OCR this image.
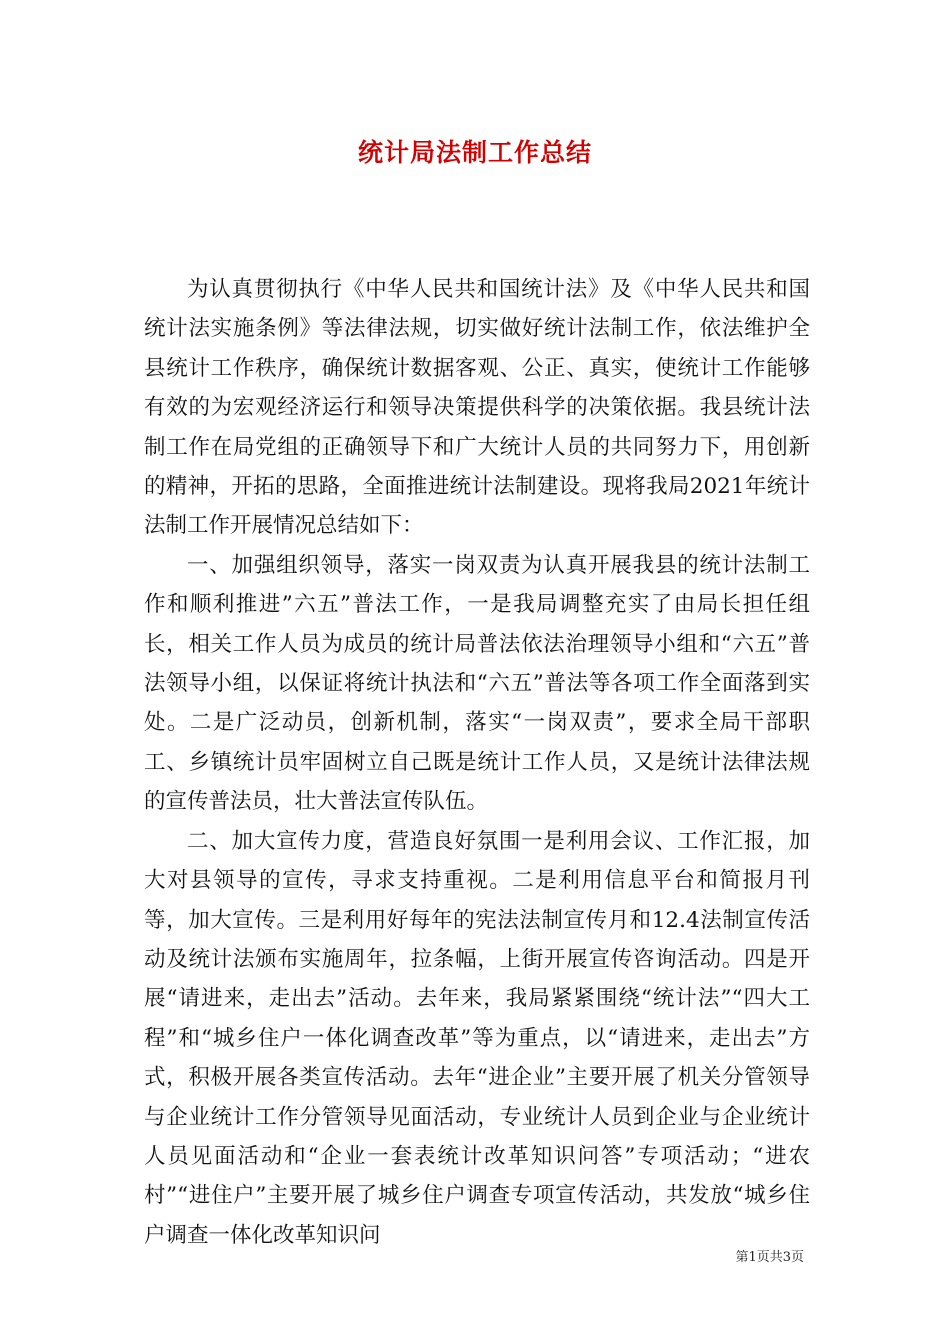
统计局法制工作总结

为认真贯彻执行《中华人民共和国统计法》及《中华人民共和国统计法实施条例》等法律法规，切实做好统计法制工作，依法维护全县统计工作秩序，确保统计数据客观、公正、真实，使统计工作能够有效的为宏观经济运行和领导决策提供科学的决策依据。我县统计法制工作在局党组的正确领导下和广大统计人员的共同努力下，用创新的精神，开拓的思路，全面推进统计法制建设。现将我局2021年统计法制工作开展情况总结如下：

一、加强组织领导，落实一岗双责为认真开展我县的统计法制工作和顺利推进”六五”普法工作，一是我局调整充实了由局长担任组长，相关工作人员为成员的统计局普法依法治理领导小组和“六五”普法领导小组，以保证将统计执法和“六五”普法等各项工作全面落到实处。二是广泛动员，创新机制，落实“一岗双责”，要求全局干部职工、乡镇统计员牢固树立自己既是统计工作人员，又是统计法律法规的宣传普法员，壮大普法宣传队伍。

二、加大宣传力度，营造良好氛围一是利用会议、工作汇报，加大对县领导的宣传，寻求支持重视。二是利用信息平台和简报月刊等，加大宣传。三是利用好每年的宪法法制宣传月和12.4法制宣传活动及统计法颁布实施周年，拉条幅，上街开展宣传咨询活动。四是开展“请进来，走出去”活动。去年来，我局紧紧围绕“统计法”“四大工程”和“城乡住户一体化调查改革”等为重点，以“请进来，走出去”方式，积极开展各类宣传活动。去年“进企业”主要开展了机关分管领导与企业统计工作分管领导见面活动，专业统计人员到企业与企业统计人员见面活动和“企业一套表统计改革知识问答”专项活动；“进农村”“进住户”主要开展了城乡住户调查专项宣传活动，共发放“城乡住户调查一体化改革知识问

第1页共3页
